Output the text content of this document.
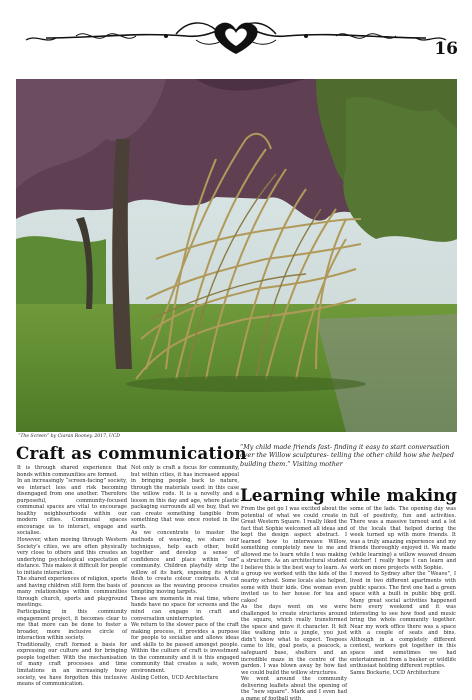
16
“The Screen” by Ciaran Rooney, 2017, UCD
Craft as communication

“My child made friends fast- finding it easy to start conversation over the Willow sculptures- telling the other child how she helped building them.” Visiting mother

Learning while making

It is through shared experience that bonds within communities are formed.

In an increasingly “screen-facing” society, we interact less and risk becoming disengaged from one another. Therefore purposeful, community-focused communal spaces are vital to encourage healthy neighbourhoods within our modern cities. Communal spaces encourage us to interact, engage and socialise.

However, when moving through Western Society’s cities, we are often physically very close to others and this creates an underlying psychological expectation of distance. This makes it difficult for people to initiate interaction.

The shared experiences of religion, sports and having children still form the basis of many relationships within communities through church, sports and playground meetings.

Participating in this community engagement project, it becomes clear to me that more can be done to foster a broader, more inclusive circle of interaction within society.

Traditionally, craft formed a basis for expressing our culture and for bringing people together. With the mechanisation of many craft processes and time limitations in an increasingly busy society, we have forgotten this inclusive means of communication.

Not only is craft a focus for community, but within cities, it has increased appeal in bringing people back to nature, through the materials used: in this case the willow rods. It is a novelty and a lesson in this day and age, where plastic packaging surrounds all we buy, that we can create something tangible from something that was once rooted in the earth.

As we concentrate to master the methods of weaving, we share our techniques, help each other, build together and develop a sense of confidence and place within “our” community. Children playfully strip the willow of its bark, exposing its white flesh to create colour contrasts. A cat pounces as the weaving process creates tempting moving targets.

These are moments in real time, where hands have no space for screens and the mind can engage in craft and conversation uninterrupted.

We return to the slower pace of the craft making process, it provides a purpose for people to socialise and allows ideas and skills to be passed amongst people. Within the culture of craft is investment in the community and it is this engaged community that creates a safe, woven environment.

Aisling Cotton, UCD Architecture

From the get go I was excited about the potential of what we could create in Great Western Square. I really liked the fact that Sophie welcomed all ideas and kept the design aspect abstract. I learned how to interweave Willow, something completely new to me and allowed me to learn while I was making a structure. As an architectural student I believe this is the best way to learn. As a group we worked with the kids of the nearby school. Some locals also helped, some with their kids. One woman even invited us to her house for tea and cakes!

As the days went on we were challenged to create structures around the square, which really transformed the space and gave it character. It felt like walking into a jungle, you just didn’t know what to expect. Teepees came to life, goal posts, a peacock, a safeguard base, shelters and an incredible maze in the centre of the garden. I was blown away by how fast we could build the willow structures.

We went around the community delivering leaflets about the opening of the “new square”. Mark and I even had a game of football with

some of the lads. The opening day was full of positivity, fun and activities. There was a massive turnout and a lot of the locals that helped during the week turned up with more friends. It was a truly amazing experience and my friends thoroughly enjoyed it. We made (while learning) a willow weaved dream catcher! I really hope I can learn and work on more projects with Sophie.

I moved to Sydney after the “Weave”, I lived in two different apartments with public spaces. The first one had a green space with a built in public bbq grill. Many great social activities happened here every weekend and it was interesting to see how food and music bring the whole community together. Near my work office there was a space with a couple of seats and bins. Although in a completely different context, workers got together in this space and sometimes we had entertainment from a busker or wildlife enthusiast holding different reptiles.

Samu Bockarie, UCD Architecture
